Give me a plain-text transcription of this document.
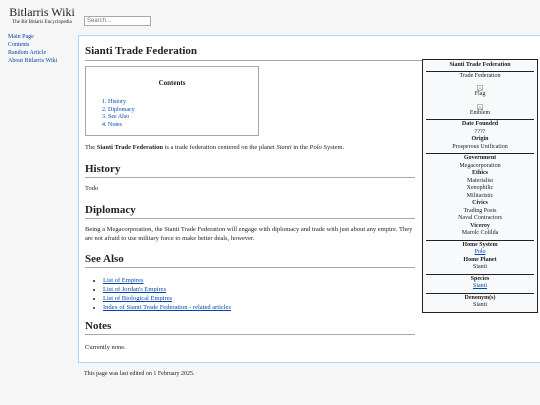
Bitlarris Wiki
The Bit Bitlaris Encyclopedia	Search...
Main Page
Contents
Random Article
About Bitlarris Wiki
Sianti Trade Federation
Contents
1. History
2. Diplomacy
3. See Also
4. Notes
The Sianti Trade Federation is a trade federation centered on the planet Sianti in the Polo System.
History
Todo
Diplomacy
Being a Megacorporation, the Sianti Trade Federation will engage with diplomacy and trade with just about any empire. They are not afraid to use military force to make better deals, however.
See Also
• List of Empires
• List of Jordan's Empires
• List of Biological Empires
• Index of Sianti Trade Federation - related articles
Notes
Currently none.
Sianti Trade Federation
Trade Federation
Flag
Emblem
Date Founded
????
Origin
Prosperous Unification
Government
Megacorporation
Ethics
Materialist
Xenophilic
Militaristic
Civics
Trading Posts
Naval Contractors
Viceroy
Marolc Colilda
Home System
Polo
Home Planet
Sianti
Species
Sianti
Denonym(s)
Sianti
This page was last edited on 1 February 2025.
